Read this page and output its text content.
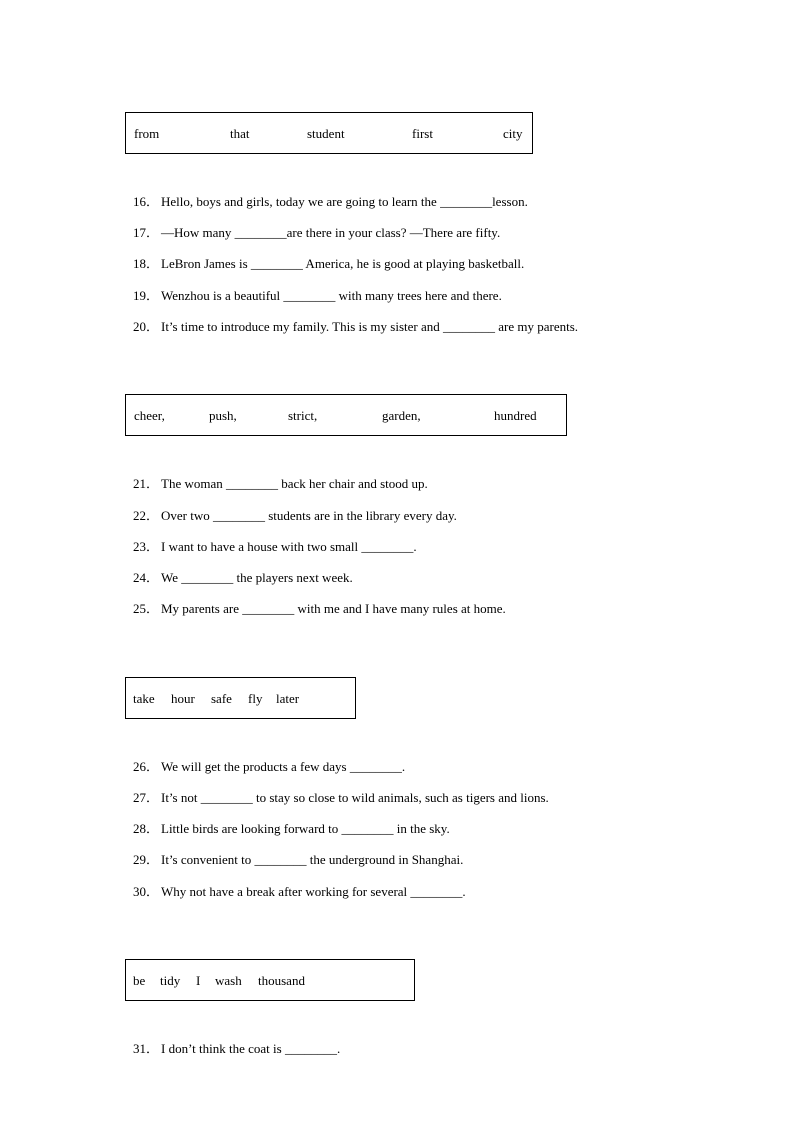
from	that	student	first	city
16． Hello, boys and girls, today we are going to learn the ________lesson.
17． —How many ________are there in your class? —There are fifty.
18． LeBron James is ________ America, he is good at playing basketball.
19． Wenzhou is a beautiful ________ with many trees here and there.
20． It’s time to introduce my family. This is my sister and ________ are my parents.
cheer,	push,	strict,	garden,	hundred
21． The woman ________ back her chair and stood up.
22． Over two ________ students are in the library every day.
23． I want to have a house with two small ________.
24． We ________ the players next week.
25． My parents are ________ with me and I have many rules at home.
take hour safe fly later
26． We will get the products a few days ________.
27． It’s not ________ to stay so close to wild animals, such as tigers and lions.
28． Little birds are looking forward to ________ in the sky.
29． It’s convenient to ________ the underground in Shanghai.
30． Why not have a break after working for several ________.
be tidy I wash thousand
31． I don’t think the coat is ________.
